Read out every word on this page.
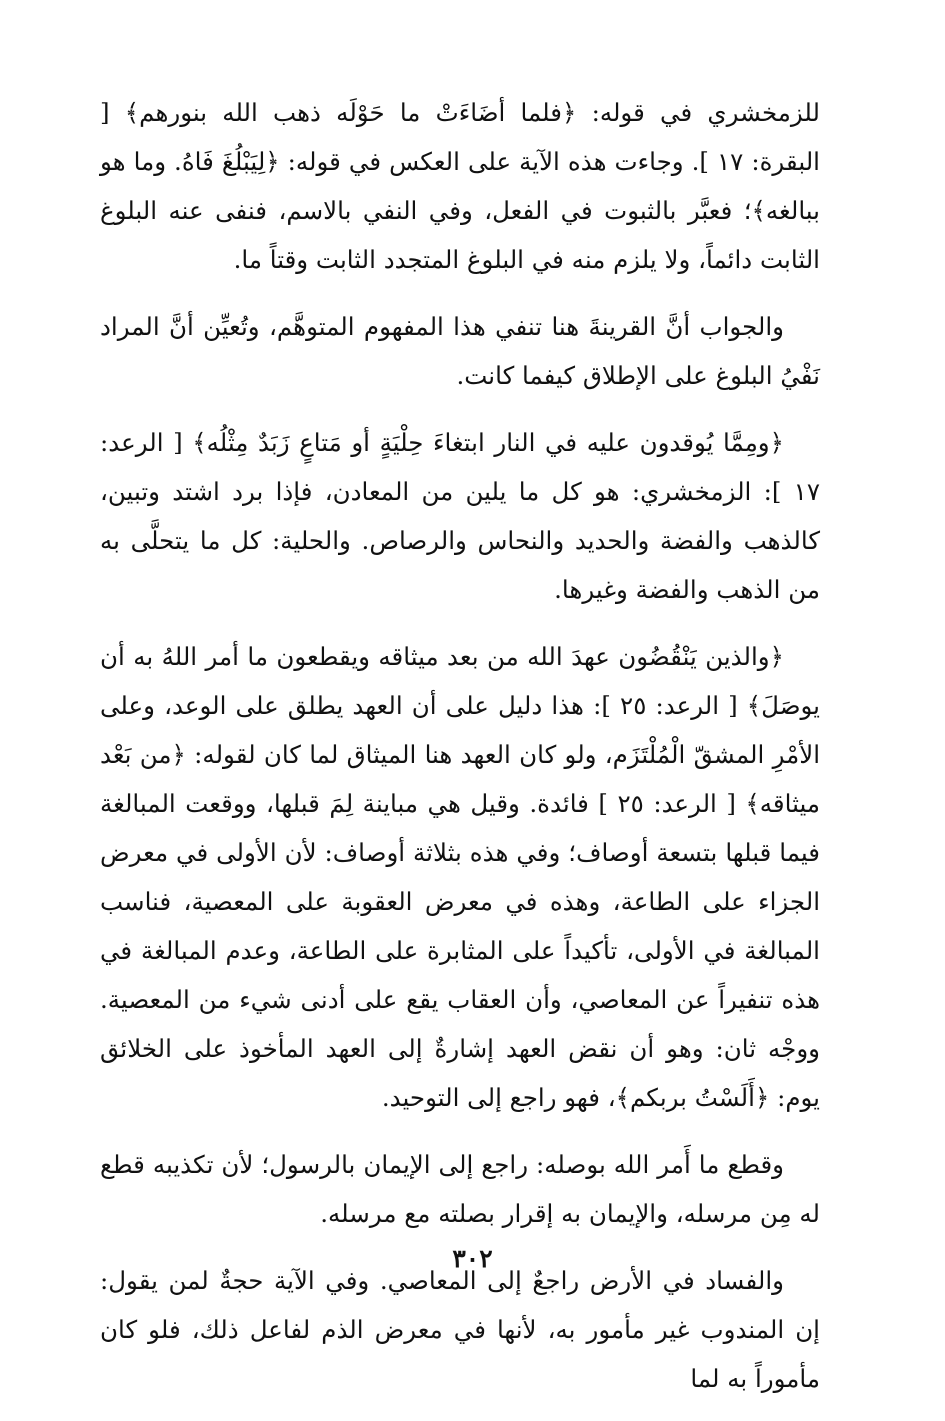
للزمخشري في قوله: ﴿فلما أضَاءَتْ ما حَوْلَه ذهب الله بنورهم﴾ [ البقرة: ١٧ ]. وجاءت هذه الآية على العكس في قوله: ﴿لِيَبْلُغَ فَاهُ. وما هو ببالغه﴾؛ فعبَّر بالثبوت في الفعل، وفي النفي بالاسم، فنفى عنه البلوغ الثابت دائماً، ولا يلزم منه في البلوغ المتجدد الثابت وقتاً ما.

والجواب أنَّ القرينةَ هنا تنفي هذا المفهوم المتوهَّم، وتُعيِّن أنَّ المراد نَفْيُ البلوغ على الإطلاق كيفما كانت.

﴿ومِمَّا يُوقدون عليه في النار ابتغاءَ حِلْيَةٍ أو مَتاعٍ زَبَدٌ مِثْلُه﴾ [ الرعد: ١٧ ]: الزمخشري: هو كل ما يلين من المعادن، فإذا برد اشتد وتبين، كالذهب والفضة والحديد والنحاس والرصاص. والحلية: كل ما يتحلَّى به من الذهب والفضة وغيرها.

﴿والذين يَنْقُضُون عهدَ الله من بعد ميثاقه ويقطعون ما أمر اللهُ به أن يوصَلَ﴾ [ الرعد: ٢٥ ]: هذا دليل على أن العهد يطلق على الوعد، وعلى الأمْرِ المشقّ الْمُلْتَزَم، ولو كان العهد هنا الميثاق لما كان لقوله: ﴿من بَعْد ميثاقه﴾ [ الرعد: ٢٥ ] فائدة. وقيل هي مباينة لِمَ قبلها، ووقعت المبالغة فيما قبلها بتسعة أوصاف؛ وفي هذه بثلاثة أوصاف: لأن الأولى في معرض الجزاء على الطاعة، وهذه في معرض العقوبة على المعصية، فناسب المبالغة في الأولى، تأكيداً على المثابرة على الطاعة، وعدم المبالغة في هذه تنفيراً عن المعاصي، وأن العقاب يقع على أدنى شيء من المعصية. ووجْه ثان: وهو أن نقض العهد إشارةٌ إلى العهد المأخوذ على الخلائق يوم: ﴿أَلَسْتُ بربكم﴾، فهو راجع إلى التوحيد.

وقطع ما أَمر الله بوصله: راجع إلى الإيمان بالرسول؛ لأن تكذيبه قطع له مِن مرسله، والإيمان به إقرار بصلته مع مرسله.

والفساد في الأرض راجعٌ إلى المعاصي. وفي الآية حجةٌ لمن يقول: إن المندوب غير مأمور به، لأنها في معرض الذم لفاعل ذلك، فلو كان مأموراً به لما

٣٠٢
